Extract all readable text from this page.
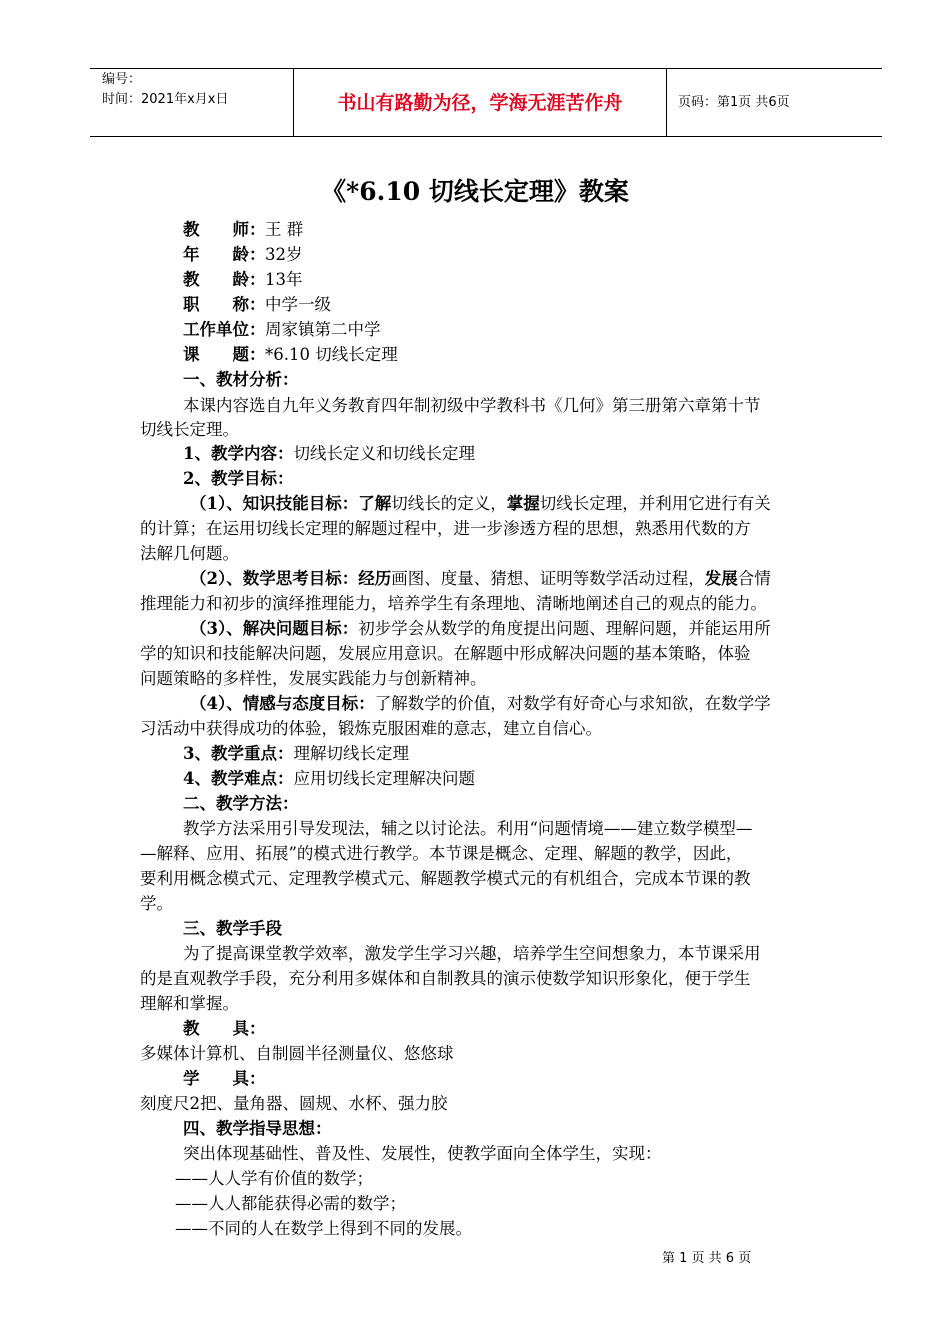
编号：
时间：2021年x月x日	书山有路勤为径，学海无涯苦作舟	页码：第1页 共6页
《*6.10 切线长定理》教案
教　　师：王 群
年　　龄：32岁
教　　龄：13年
职　　称：中学一级
工作单位：周家镇第二中学
课　　题：*6.10 切线长定理
一、教材分析：
本课内容选自九年义务教育四年制初级中学教科书《几何》第三册第六章第十节
切线长定理。
1、教学内容：切线长定义和切线长定理
2、教学目标：
（1）、知识技能目标：了解切线长的定义，掌握切线长定理，并利用它进行有关
的计算；在运用切线长定理的解题过程中，进一步渗透方程的思想，熟悉用代数的方
法解几何题。
（2）、数学思考目标：经历画图、度量、猜想、证明等数学活动过程，发展合情
推理能力和初步的演绎推理能力，培养学生有条理地、清晰地阐述自己的观点的能力。
（3）、解决问题目标：初步学会从数学的角度提出问题、理解问题，并能运用所
学的知识和技能解决问题，发展应用意识。在解题中形成解决问题的基本策略，体验
问题策略的多样性，发展实践能力与创新精神。
（4）、情感与态度目标：了解数学的价值，对数学有好奇心与求知欲，在数学学
习活动中获得成功的体验，锻炼克服困难的意志，建立自信心。
3、教学重点：理解切线长定理
4、教学难点：应用切线长定理解决问题
二、教学方法：
教学方法采用引导发现法，辅之以讨论法。利用“问题情境——建立数学模型—
—解释、应用、拓展”的模式进行教学。本节课是概念、定理、解题的教学，因此，
要利用概念模式元、定理教学模式元、解题教学模式元的有机组合，完成本节课的教
学。
三、教学手段
为了提高课堂教学效率，激发学生学习兴趣，培养学生空间想象力，本节课采用
的是直观教学手段，充分利用多媒体和自制教具的演示使数学知识形象化，便于学生
理解和掌握。
教　　具：
多媒体计算机、自制圆半径测量仪、悠悠球
学　　具：
刻度尺2把、量角器、圆规、水杯、强力胶
四、教学指导思想：
突出体现基础性、普及性、发展性，使教学面向全体学生，实现：
——人人学有价值的数学；
——人人都能获得必需的数学；
——不同的人在数学上得到不同的发展。
第 1 页 共 6 页
